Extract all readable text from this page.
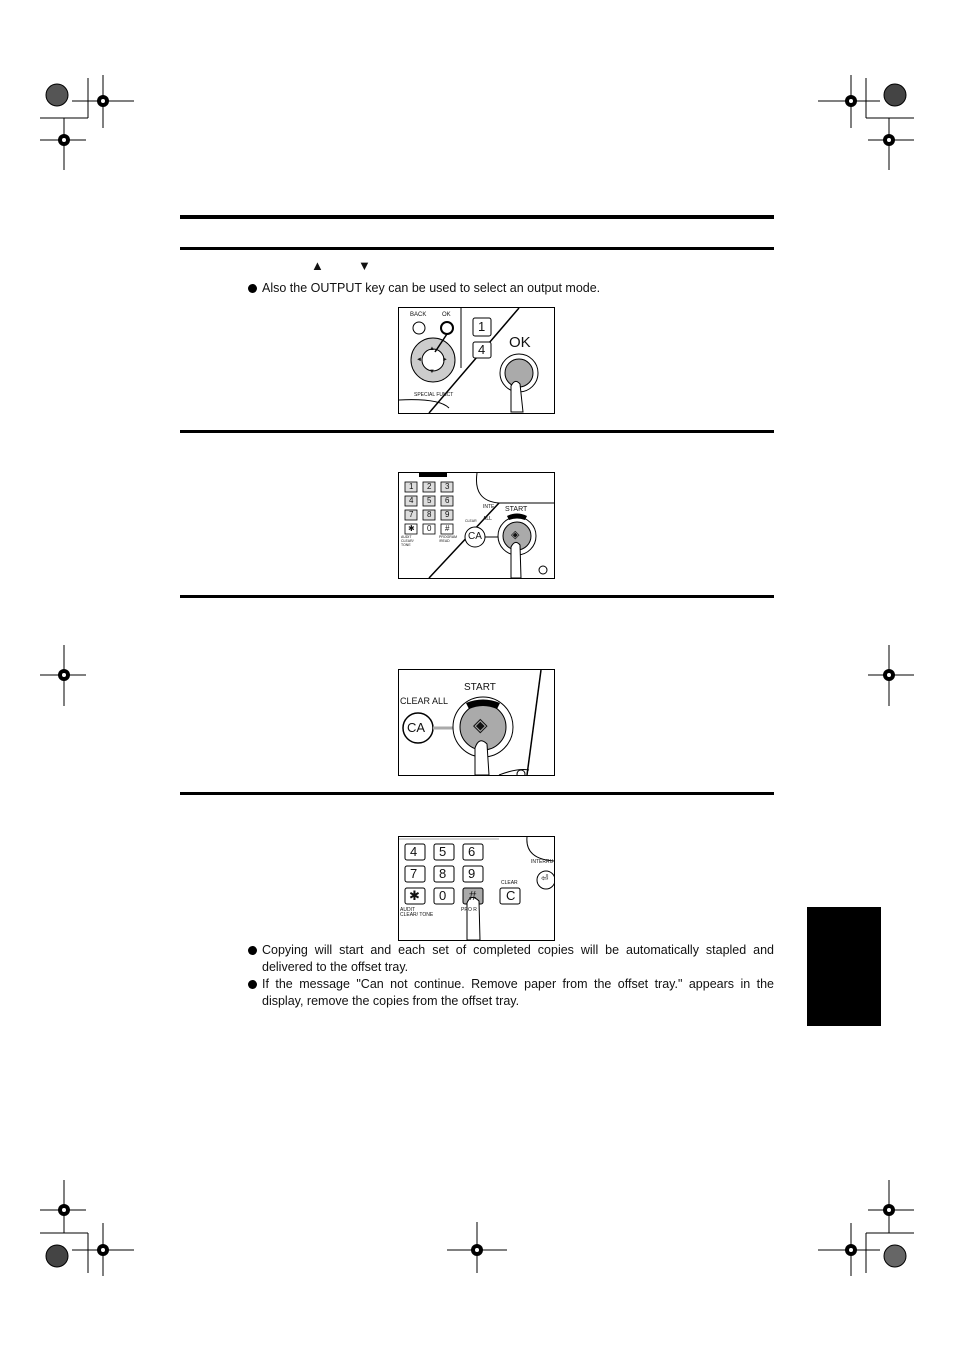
▲	▼
Also the OUTPUT key can be used to select an output mode.
BACK	OK
▲
▼
◄	►
1
4 OK
SPECIAL FUNCT
1 2 3
4 5 6
7 8 9
✱ 0 #
AUDIT CLEAR/ TONE
PROGRAM /READ
INTE
CLEAR ALL
CA
START
◈
CLEAR ALL
CA
START
◈
4 5 6
7 8 9
✱ 0 #
INTERRU
⏎
CLEAR
C
AUDIT CLEAR/ TONE
PRO R
Copying will start and each set of completed copies will be automatically stapled and delivered to the offset tray.
If the message "Can not continue. Remove paper from the offset tray." appears in the display, remove the copies from the offset tray.
